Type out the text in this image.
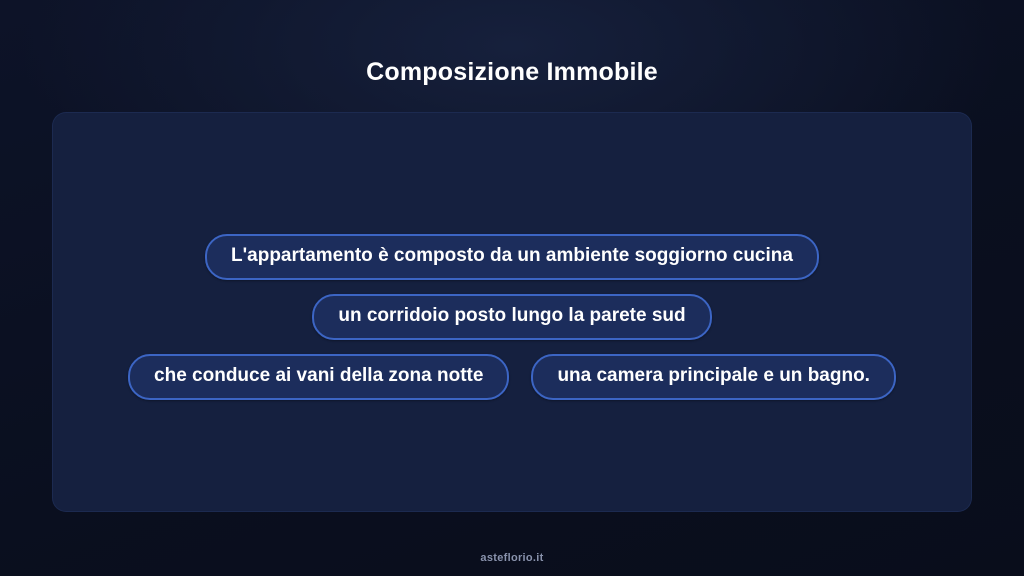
Composizione Immobile
L'appartamento è composto da un ambiente soggiorno cucina
un corridoio posto lungo la parete sud
che conduce ai vani della zona notte	una camera principale e un bagno.
asteflorio.it
